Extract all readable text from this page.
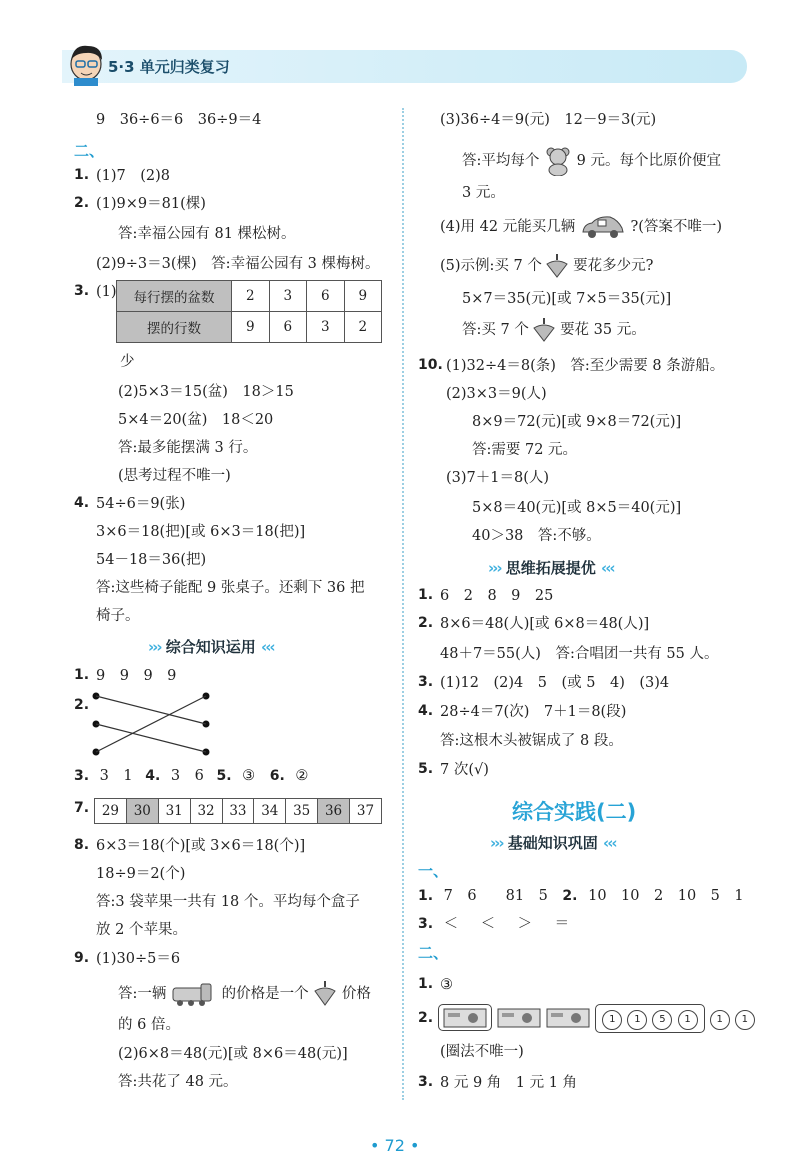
5·3 单元归类复习
9　36÷6＝6　36÷9＝4
二、
1. (1)7　(2)8
2. (1)9×9＝81(棵)
答:幸福公园有 81 棵松树。
(2)9÷3＝3(棵)　答:幸福公园有 3 棵梅树。
3. (1) 每行摆的盆数	2	3	6	9
摆的行数	9	6	3	2
少
(2)5×3＝15(盆)　18＞15
5×4＝20(盆)　18＜20
答:最多能摆满 3 行。
(思考过程不唯一)
4. 54÷6＝9(张)
3×6＝18(把)[或 6×3＝18(把)]
54－18＝36(把)
答:这些椅子能配 9 张桌子。还剩下 36 把
椅子。
››› 综合知识运用 ‹‹‹
1. 9　9　9　9
2.
3. 3　1 4. 3　6 5. ③ 6. ②
7. 29	30	31	32	33	34	35	36	37
8. 6×3＝18(个)[或 3×6＝18(个)]
18÷9＝2(个)
答:3 袋苹果一共有 18 个。平均每个盒子
放 2 个苹果。
9. (1)30÷5＝6
答:一辆	的价格是一个 价格
的 6 倍。
(2)6×8＝48(元)[或 8×6＝48(元)]
答:共花了 48 元。
(3)36÷4＝9(元)　12－9＝3(元)
答:平均每个	9 元。每个比原价便宜
3 元。
(4)用 42 元能买几辆	?(答案不唯一)
(5)示例:买 7 个 要花多少元?
5×7＝35(元)[或 7×5＝35(元)]
答:买 7 个 要花 35 元。
10. (1)32÷4＝8(条)　答:至少需要 8 条游船。
(2)3×3＝9(人)
8×9＝72(元)[或 9×8＝72(元)]
答:需要 72 元。
(3)7＋1＝8(人)
5×8＝40(元)[或 8×5＝40(元)]
40＞38　答:不够。
››› 思维拓展提优 ‹‹‹
1. 6　2　8　9　25
2. 8×6＝48(人)[或 6×8＝48(人)]
48＋7＝55(人)　答:合唱团一共有 55 人。
3. (1)12　(2)4　5　(或 5　4)　(3)4
4. 28÷4＝7(次)　7＋1＝8(段)
答:这根木头被锯成了 8 段。
5. 7 次(√)
综合实践(二)
››› 基础知识巩固 ‹‹‹
一、
1. 7　6　　81　5 2. 10　10　2　10　5　1
3. ＜　＜　＞　＝
二、
1. ③
2.	1 1 5 1	1 1
(圈法不唯一)
3. 8 元 9 角　1 元 1 角
• 72 •
